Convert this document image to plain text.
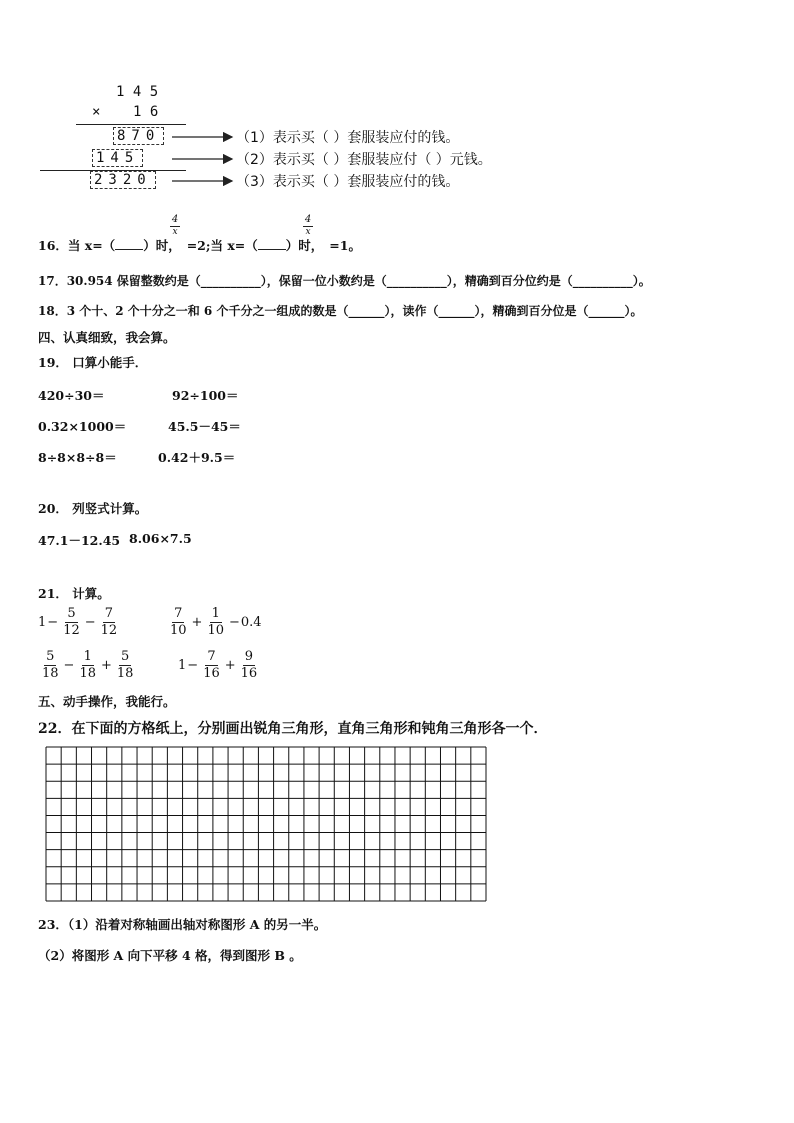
1 4 5
× 1 6
870
145
2320
（1）表示买（ ）套服装应付的钱。
（2）表示买（ ）套服装应付（ ）元钱。
（3）表示买（ ）套服装应付的钱。
16．当 x=（ ）时， =2;当 x=（ ）时， =1。
4
x
4
x
17．30.954 保留整数约是（__________），保留一位小数约是（__________），精确到百分位约是（__________）。
18．3 个十、2 个十分之一和 6 个千分之一组成的数是（______），读作（______），精确到百分位是（______）。
四、认真细致，我会算。
19． 口算小能手．
420÷30＝	92÷100＝
0.32×1000＝	45.5－45＝
8÷8×8÷8＝	0.42＋9.5＝
20． 列竖式计算。
47.1－12.45 8.06×7.5
21． 计算。
$1 - \frac{5}{12} - \frac{7}{12}$	$\frac{7}{10} + \frac{1}{10} - 0.4$
$\frac{5}{18} - \frac{1}{18} + \frac{5}{18}$	$1 - \frac{7}{16} + \frac{9}{16}$
五、动手操作，我能行。
22．在下面的方格纸上，分别画出锐角三角形，直角三角形和钝角三角形各一个．
23．（1）沿着对称轴画出轴对称图形 A 的另一半。
（2）将图形 A 向下平移 4 格，得到图形 B 。
